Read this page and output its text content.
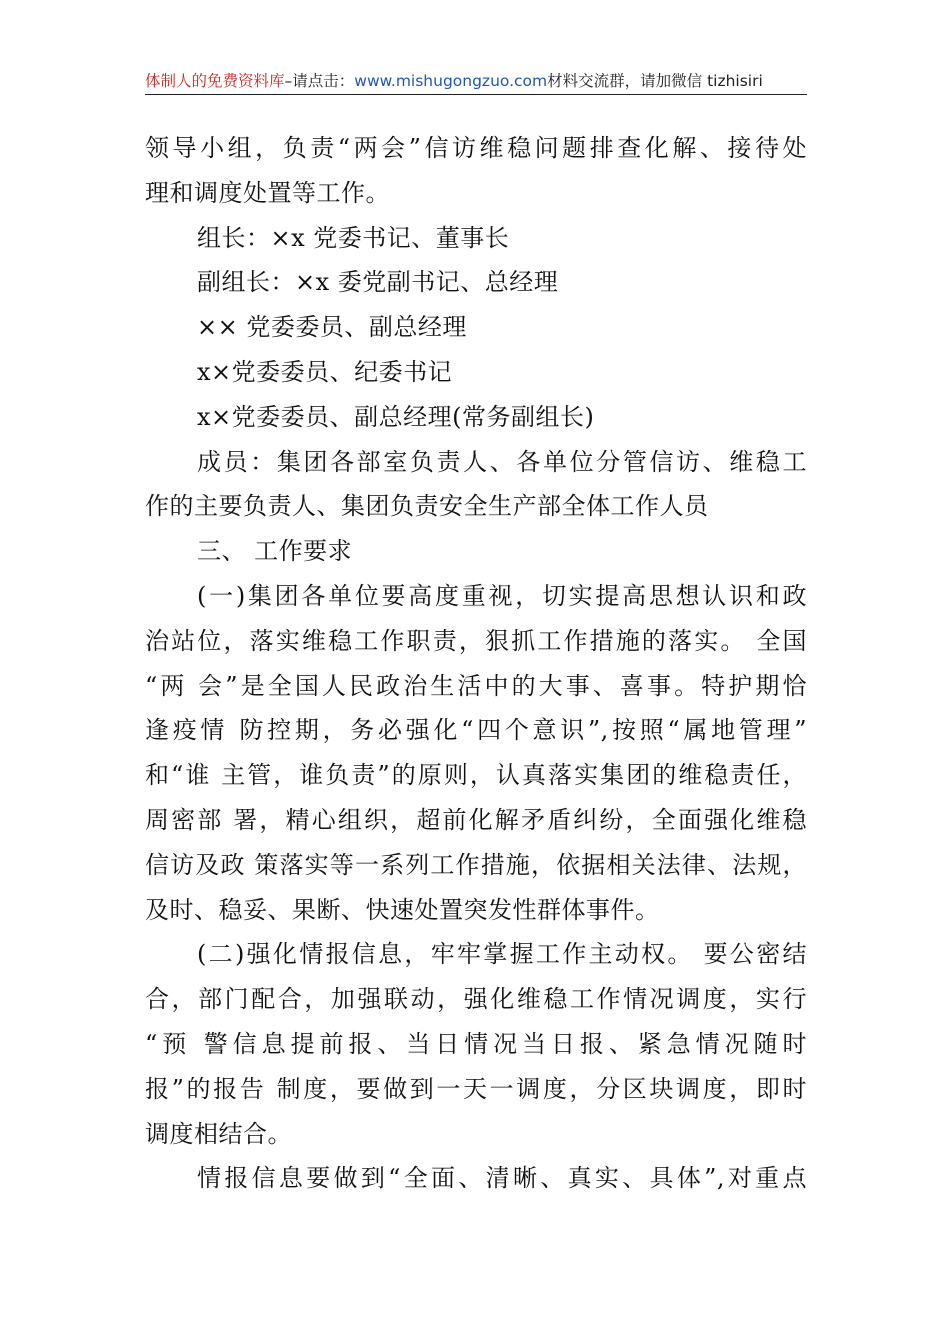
体制人的免费资料库–请点击：www.mishugongzuo.com材料交流群，请加微信 tizhisiri
领导小组，负责“两会”信访维稳问题排查化解、接待处
理和调度处置等工作。
组长：×x 党委书记、董事长
副组长：×x 委党副书记、总经理
×× 党委委员、副总经理
x×党委委员、纪委书记
x×党委委员、副总经理(常务副组长)
成员：集团各部室负责人、各单位分管信访、维稳工
作的主要负责人、集团负责安全生产部全体工作人员
三、 工作要求
(一)集团各单位要高度重视，切实提高思想认识和政
治站位，落实维稳工作职责，狠抓工作措施的落实。 全国
“两 会”是全国人民政治生活中的大事、喜事。特护期恰
逢疫情 防控期，务必强化“四个意识”,按照“属地管理”
和“谁 主管，谁负责”的原则，认真落实集团的维稳责任，
周密部 署，精心组织，超前化解矛盾纠纷，全面强化维稳
信访及政 策落实等一系列工作措施，依据相关法律、法规，
及时、稳妥、果断、快速处置突发性群体事件。
(二)强化情报信息，牢牢掌握工作主动权。 要公密结
合，部门配合，加强联动，强化维稳工作情况调度，实行
“预 警信息提前报、当日情况当日报、紧急情况随时
报”的报告 制度，要做到一天一调度，分区块调度，即时
调度相结合。
情报信息要做到“全面、清晰、真实、具体”,对重点
